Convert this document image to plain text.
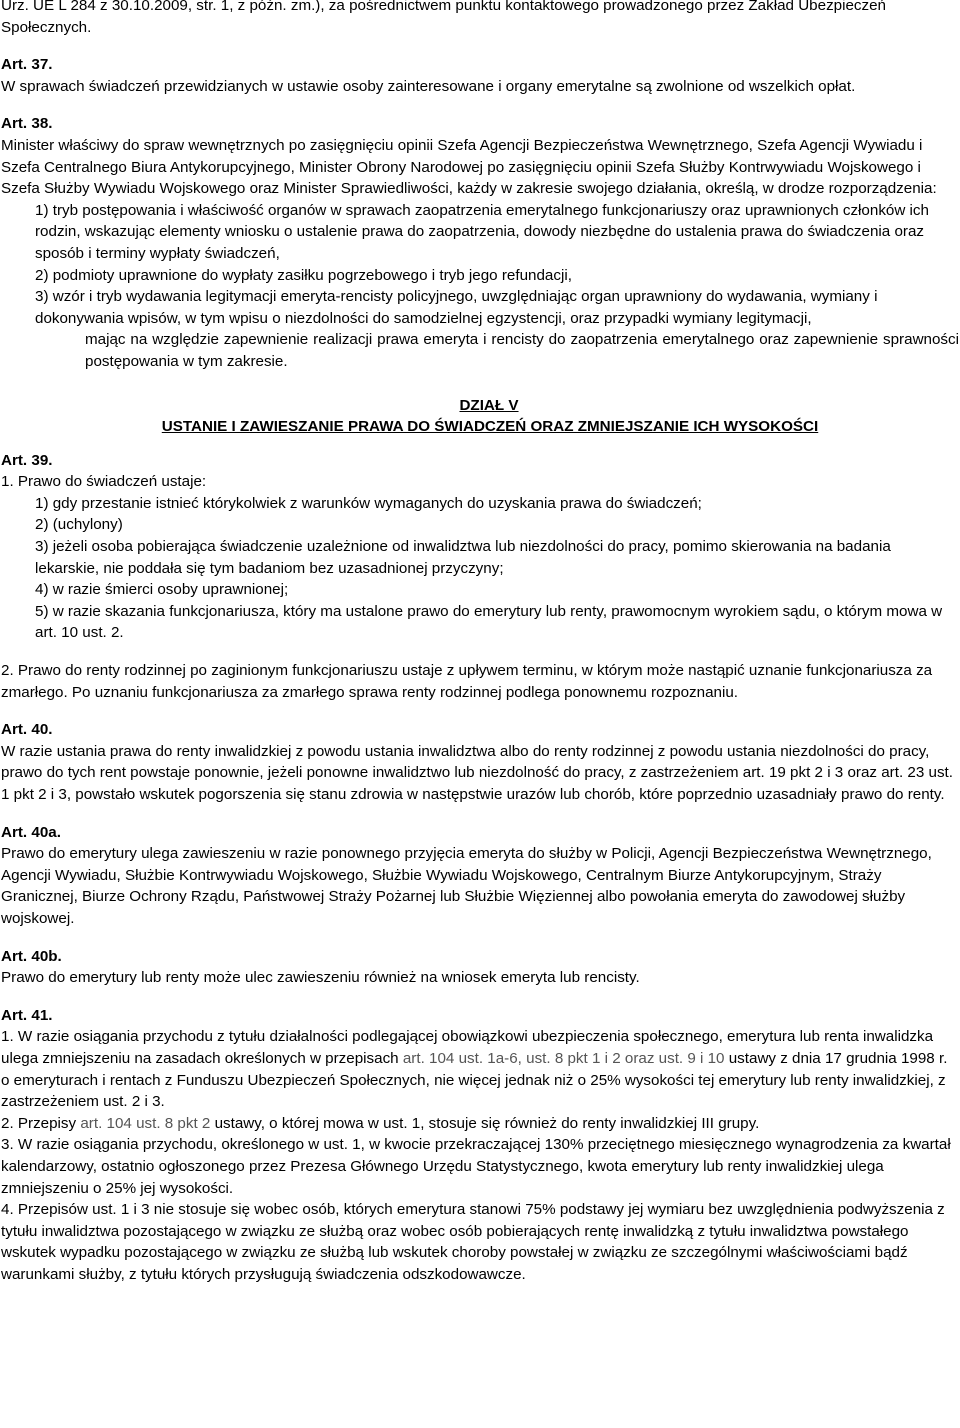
Urz. UE L 284 z 30.10.2009, str. 1, z późn. zm.), za pośrednictwem punktu kontaktowego prowadzonego przez Zakład Ubezpieczeń Społecznych.

Art. 37.

W sprawach świadczeń przewidzianych w ustawie osoby zainteresowane i organy emerytalne są zwolnione od wszelkich opłat.

Art. 38.

Minister właściwy do spraw wewnętrznych po zasięgnięciu opinii Szefa Agencji Bezpieczeństwa Wewnętrznego, Szefa Agencji Wywiadu i Szefa Centralnego Biura Antykorupcyjnego, Minister Obrony Narodowej po zasięgnięciu opinii Szefa Służby Kontrwywiadu Wojskowego i Szefa Służby Wywiadu Wojskowego oraz Minister Sprawiedliwości, każdy w zakresie swojego działania, określą, w drodze rozporządzenia:

1) tryb postępowania i właściwość organów w sprawach zaopatrzenia emerytalnego funkcjonariuszy oraz uprawnionych członków ich rodzin, wskazując elementy wniosku o ustalenie prawa do zaopatrzenia, dowody niezbędne do ustalenia prawa do świadczenia oraz sposób i terminy wypłaty świadczeń,

2) podmioty uprawnione do wypłaty zasiłku pogrzebowego i tryb jego refundacji,

3) wzór i tryb wydawania legitymacji emeryta-rencisty policyjnego, uwzględniając organ uprawniony do wydawania, wymiany i dokonywania wpisów, w tym wpisu o niezdolności do samodzielnej egzystencji, oraz przypadki wymiany legitymacji,

mając na względzie zapewnienie realizacji prawa emeryta i rencisty do zaopatrzenia emerytalnego oraz zapewnienie sprawności postępowania w tym zakresie.

DZIAŁ V

USTANIE I ZAWIESZANIE PRAWA DO ŚWIADCZEŃ ORAZ ZMNIEJSZANIE ICH WYSOKOŚCI

Art. 39.

1. Prawo do świadczeń ustaje:

1) gdy przestanie istnieć którykolwiek z warunków wymaganych do uzyskania prawa do świadczeń;

2) (uchylony)

3) jeżeli osoba pobierająca świadczenie uzależnione od inwalidztwa lub niezdolności do pracy, pomimo skierowania na badania lekarskie, nie poddała się tym badaniom bez uzasadnionej przyczyny;

4) w razie śmierci osoby uprawnionej;

5) w razie skazania funkcjonariusza, który ma ustalone prawo do emerytury lub renty, prawomocnym wyrokiem sądu, o którym mowa w art. 10 ust. 2.

2. Prawo do renty rodzinnej po zaginionym funkcjonariuszu ustaje z upływem terminu, w którym może nastąpić uznanie funkcjonariusza za zmarłego. Po uznaniu funkcjonariusza za zmarłego sprawa renty rodzinnej podlega ponownemu rozpoznaniu.

Art. 40.

W razie ustania prawa do renty inwalidzkiej z powodu ustania inwalidztwa albo do renty rodzinnej z powodu ustania niezdolności do pracy, prawo do tych rent powstaje ponownie, jeżeli ponowne inwalidztwo lub niezdolność do pracy, z zastrzeżeniem art. 19 pkt 2 i 3 oraz art. 23 ust. 1 pkt 2 i 3, powstało wskutek pogorszenia się stanu zdrowia w następstwie urazów lub chorób, które poprzednio uzasadniały prawo do renty.

Art. 40a.

Prawo do emerytury ulega zawieszeniu w razie ponownego przyjęcia emeryta do służby w Policji, Agencji Bezpieczeństwa Wewnętrznego, Agencji Wywiadu, Służbie Kontrwywiadu Wojskowego, Służbie Wywiadu Wojskowego, Centralnym Biurze Antykorupcyjnym, Straży Granicznej, Biurze Ochrony Rządu, Państwowej Straży Pożarnej lub Służbie Więziennej albo powołania emeryta do zawodowej służby wojskowej.

Art. 40b.

Prawo do emerytury lub renty może ulec zawieszeniu również na wniosek emeryta lub rencisty.

Art. 41.

1. W razie osiągania przychodu z tytułu działalności podlegającej obowiązkowi ubezpieczenia społecznego, emerytura lub renta inwalidzka ulega zmniejszeniu na zasadach określonych w przepisach art. 104 ust. 1a-6, ust. 8 pkt 1 i 2 oraz ust. 9 i 10 ustawy z dnia 17 grudnia 1998 r. o emeryturach i rentach z Funduszu Ubezpieczeń Społecznych, nie więcej jednak niż o 25% wysokości tej emerytury lub renty inwalidzkiej, z zastrzeżeniem ust. 2 i 3.

2. Przepisy art. 104 ust. 8 pkt 2 ustawy, o której mowa w ust. 1, stosuje się również do renty inwalidzkiej III grupy.

3. W razie osiągania przychodu, określonego w ust. 1, w kwocie przekraczającej 130% przeciętnego miesięcznego wynagrodzenia za kwartał kalendarzowy, ostatnio ogłoszonego przez Prezesa Głównego Urzędu Statystycznego, kwota emerytury lub renty inwalidzkiej ulega zmniejszeniu o 25% jej wysokości.

4. Przepisów ust. 1 i 3 nie stosuje się wobec osób, których emerytura stanowi 75% podstawy jej wymiaru bez uwzględnienia podwyższenia z tytułu inwalidztwa pozostającego w związku ze służbą oraz wobec osób pobierających rentę inwalidzką z tytułu inwalidztwa powstałego wskutek wypadku pozostającego w związku ze służbą lub wskutek choroby powstałej w związku ze szczególnymi właściwościami bądź warunkami służby, z tytułu których przysługują świadczenia odszkodowawcze.
